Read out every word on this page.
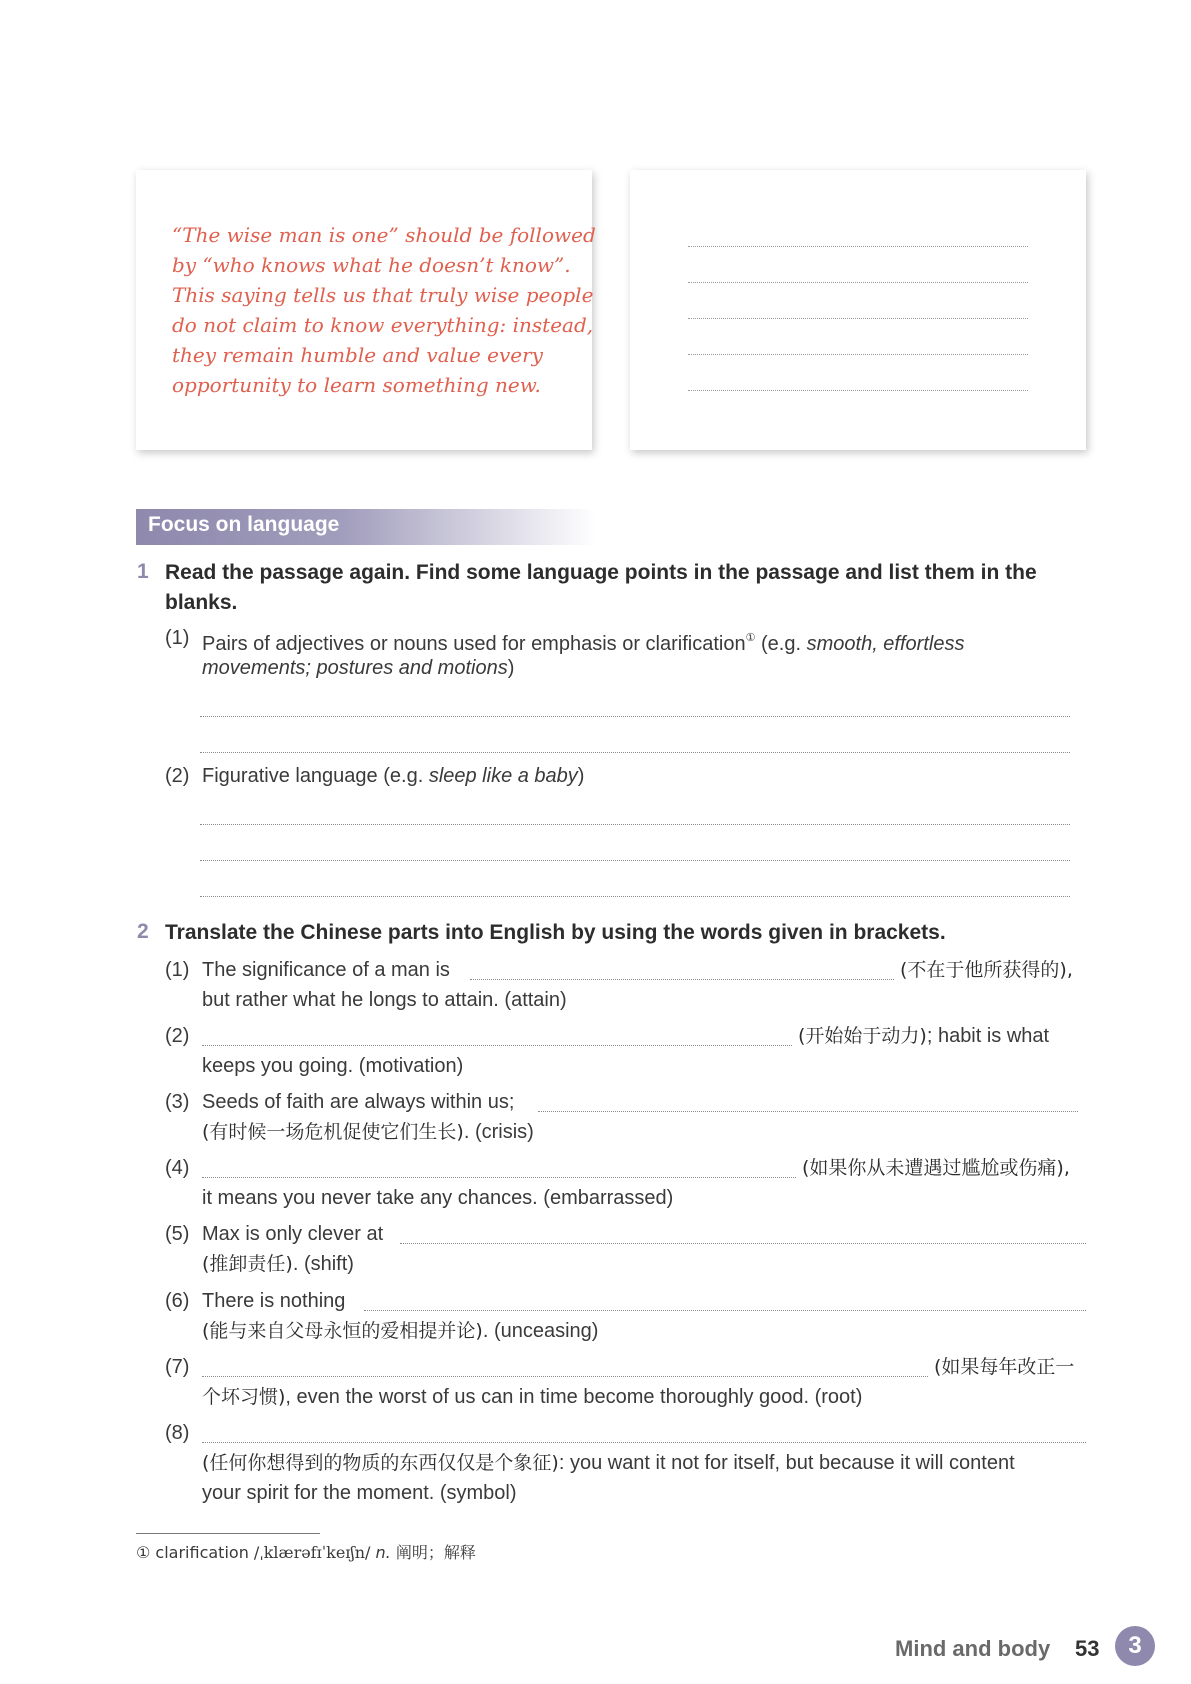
“The wise man is one” should be followed
by “who knows what he doesn’t know”.
This saying tells us that truly wise people
do not claim to know everything: instead,
they remain humble and value every
opportunity to learn something new.
Focus on language
1 Read the passage again. Find some language points in the passage and list them in the blanks.
(1) Pairs of adjectives or nouns used for emphasis or clarification① (e.g. smooth, effortless
movements; postures and motions)
(2) Figurative language (e.g. sleep like a baby)
2 Translate the Chinese parts into English by using the words given in brackets.
(1) The significance of a man is	(不在于他所获得的),
but rather what he longs to attain. (attain)
(2)	(开始始于动力); habit is what
keeps you going. (motivation)
(3) Seeds of faith are always within us;
(有时候一场危机促使它们生长). (crisis)
(4)	(如果你从未遭遇过尴尬或伤痛),
it means you never take any chances. (embarrassed)
(5) Max is only clever at
(推卸责任). (shift)
(6) There is nothing
(能与来自父母永恒的爱相提并论). (unceasing)
(7)	(如果每年改正一
个坏习惯), even the worst of us can in time become thoroughly good. (root)
(8)
(任何你想得到的物质的东西仅仅是个象征): you want it not for itself, but because it will content
your spirit for the moment. (symbol)
① clarification /ˌklærəfɪˈkeɪʃn/ n. 阐明；解释
Mind and body 53	3
